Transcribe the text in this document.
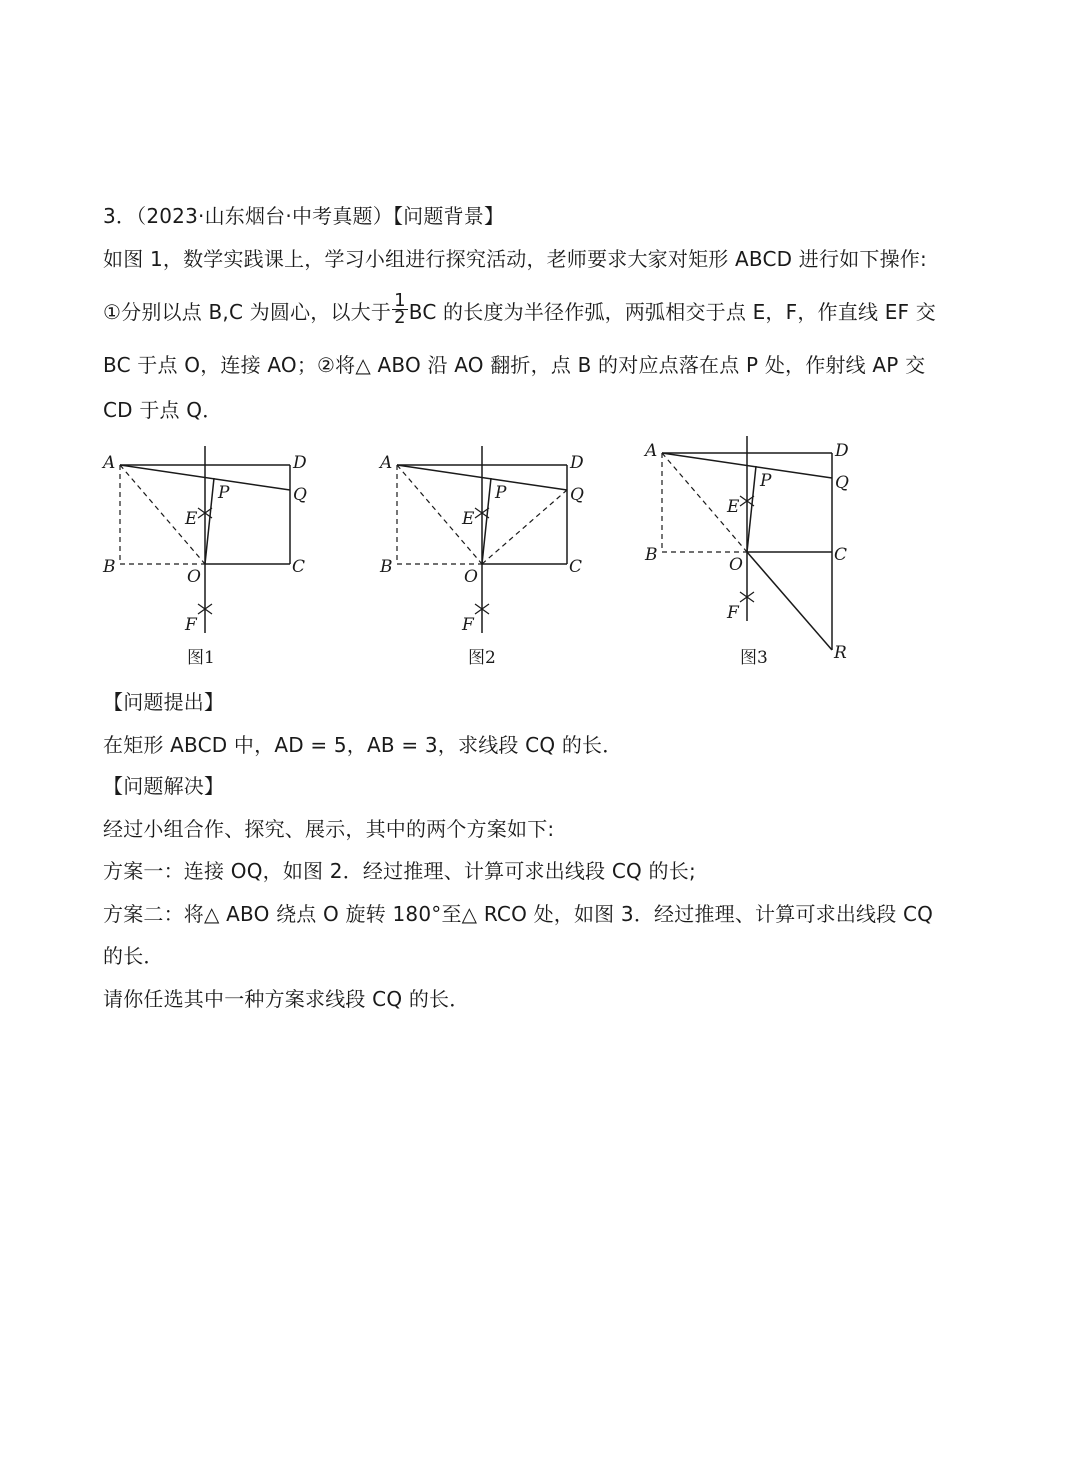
3．（2023·山东烟台·中考真题）【问题背景】
如图 1，数学实践课上，学习小组进行探究活动，老师要求大家对矩形 ABCD 进行如下操作:
①分别以点 B,C 为圆心，以大于 $\frac{1}{2}$ BC 的长度为半径作弧，两弧相交于点 E，F，作直线 EF 交
BC 于点 O，连接 AO；②将△ ABO 沿 AO 翻折，点 B 的对应点落在点 P 处，作射线 AP 交
CD 于点 Q．
A	D
B	C
O
P	Q
E
F
图1
A	D
B	C
O
P	Q
E
F
图2
A	D
B	C
O
P	Q
E
F
R
图3
【问题提出】
在矩形 ABCD 中，AD = 5，AB = 3，求线段 CQ 的长．
【问题解决】
经过小组合作、探究、展示，其中的两个方案如下:
方案一：连接 OQ，如图 2．经过推理、计算可求出线段 CQ 的长;
方案二：将△ ABO 绕点 O 旋转 180°至△ RCO 处，如图 3．经过推理、计算可求出线段 CQ
的长．
请你任选其中一种方案求线段 CQ 的长．
